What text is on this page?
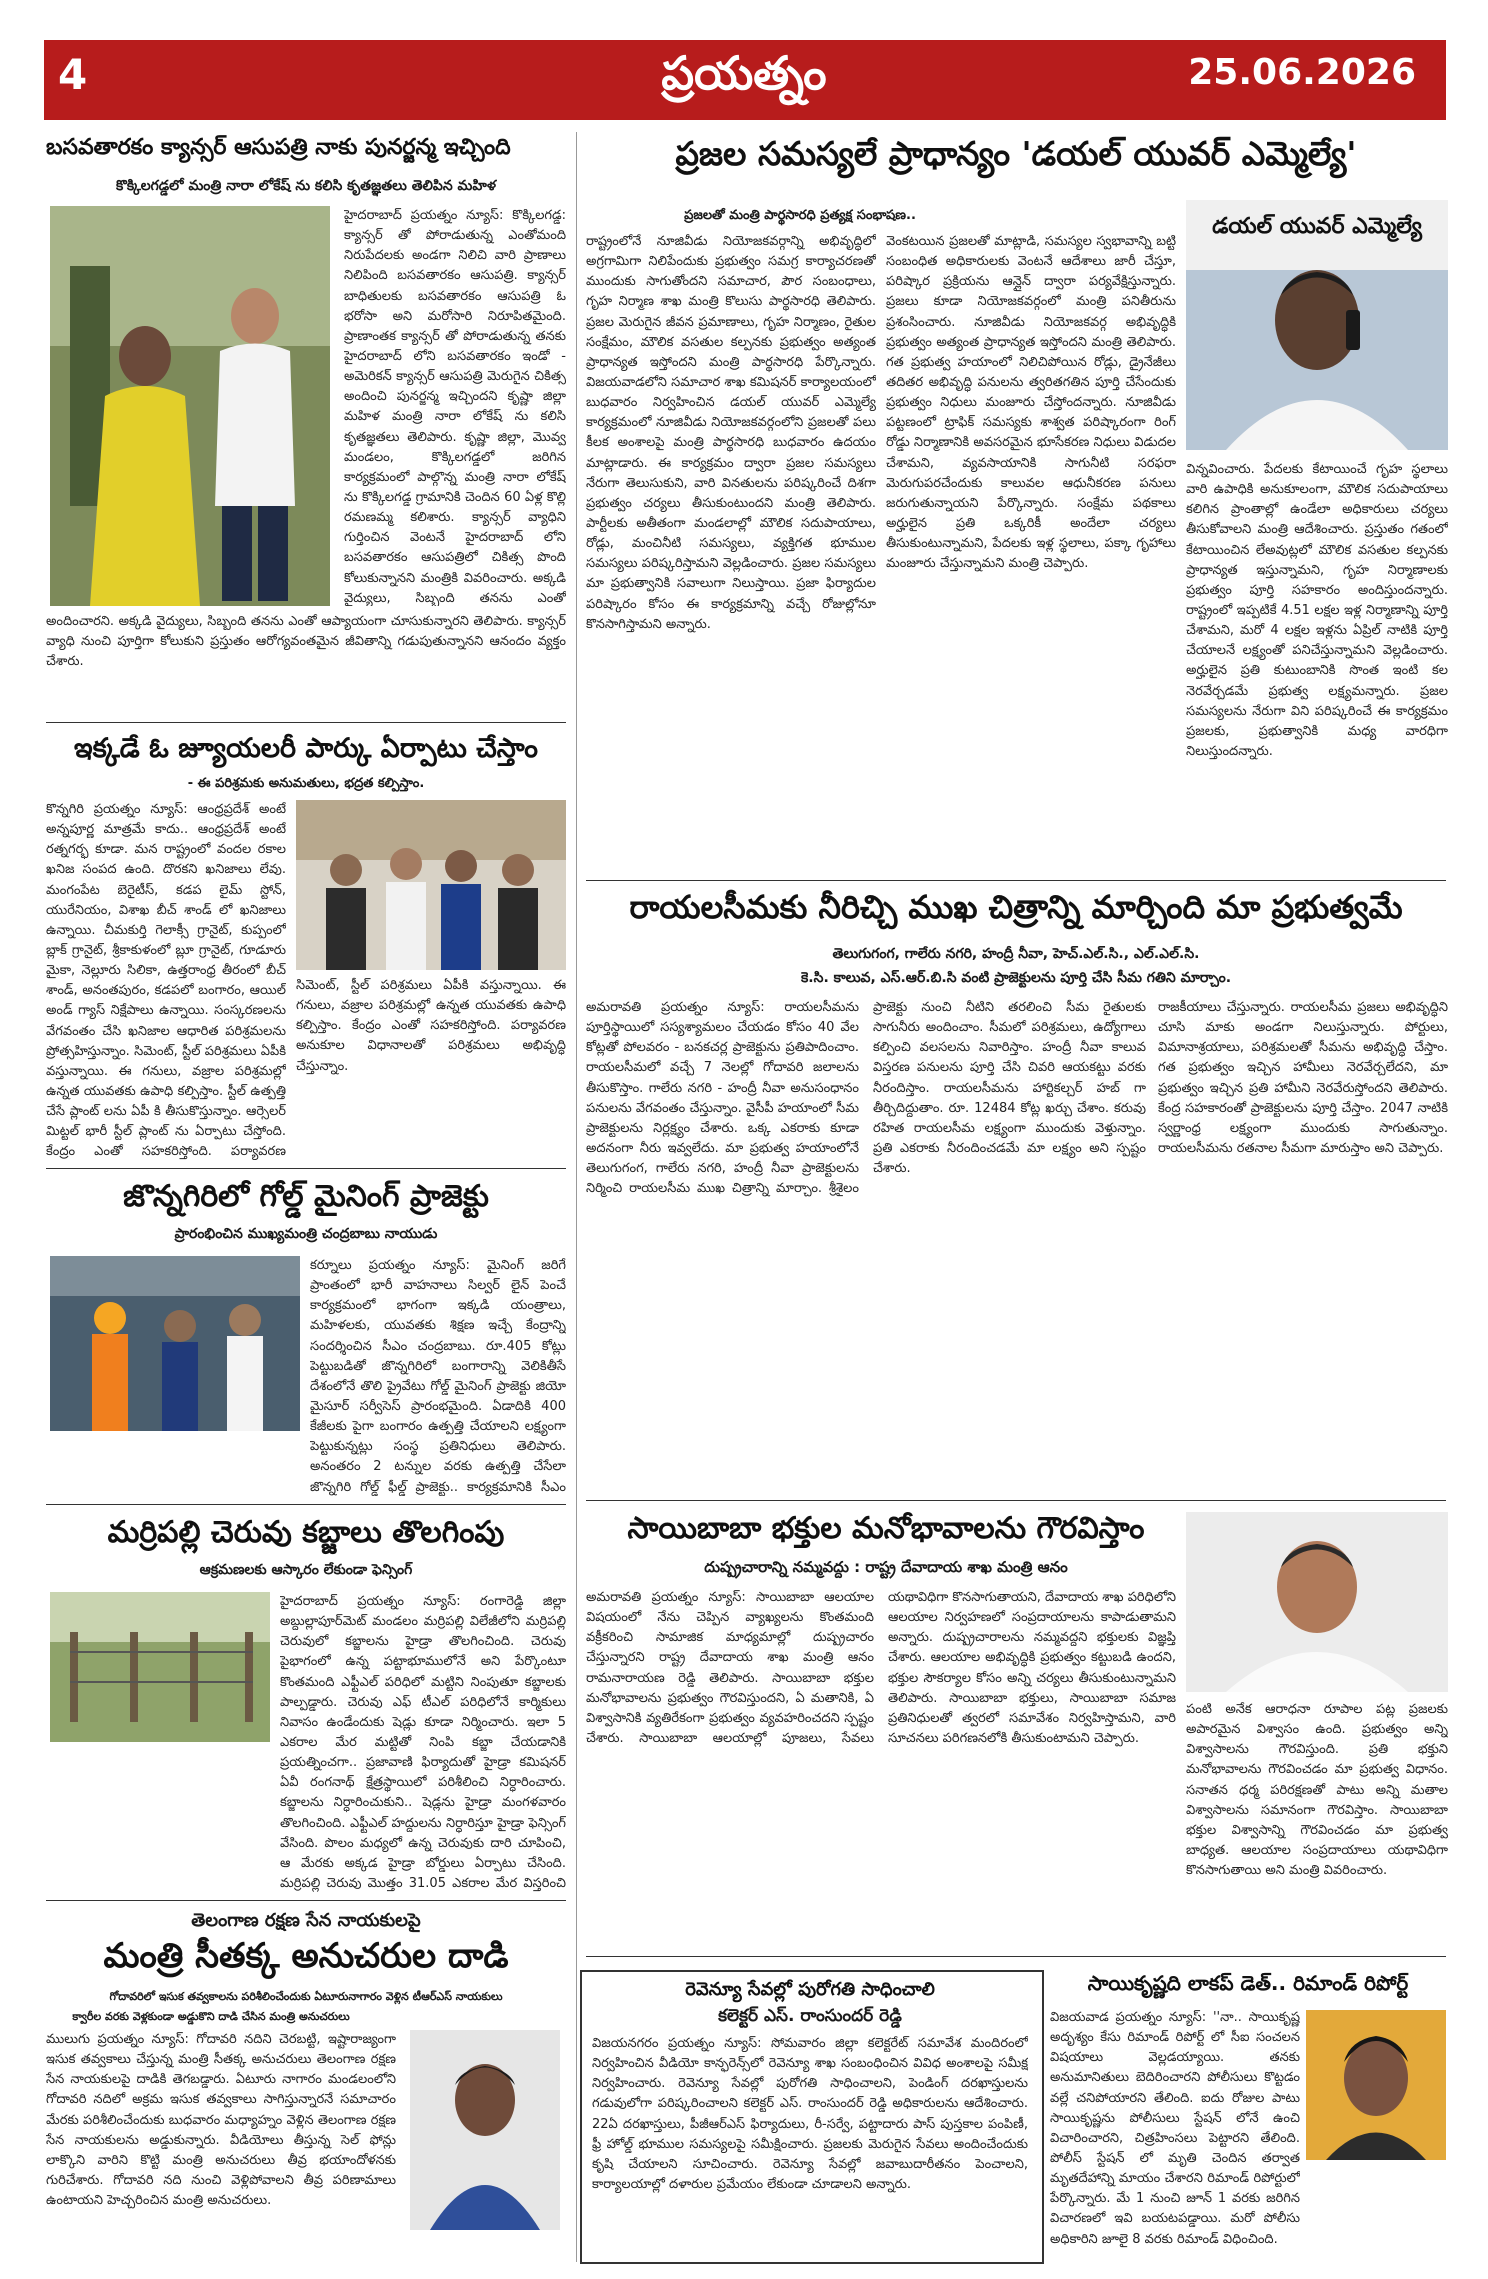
4	ప్రయత్నం	25.06.2026
బసవతారకం క్యాన్సర్ ఆసుపత్రి నాకు పునర్జన్మ ఇచ్చింది
కొక్కిలగడ్డలో మంత్రి నారా లోకేష్ ను కలిసి కృతజ్ఞతలు తెలిపిన మహిళ
హైదరాబాద్ ప్రయత్నం న్యూస్: కొక్కిలగడ్డ: క్యాన్సర్ తో పోరాడుతున్న ఎంతోమంది నిరుపేదలకు అండగా నిలిచి వారి ప్రాణాలు నిలిపింది బసవతారకం ఆసుపత్రి. క్యాన్సర్ బాధితులకు బసవతారకం ఆసుపత్రి ఓ భరోసా అని మరోసారి నిరూపితమైంది. ప్రాణాంతక క్యాన్సర్ తో పోరాడుతున్న తనకు హైదరాబాద్ లోని బసవతారకం ఇండో - అమెరికన్ క్యాన్సర్ ఆసుపత్రి మెరుగైన చికిత్స అందించి పునర్జన్మ ఇచ్చిందని కృష్ణా జిల్లా మహిళ మంత్రి నారా లోకేష్ ను కలిసి కృతజ్ఞతలు తెలిపారు. కృష్ణా జిల్లా, మొవ్వ మండలం, కొక్కిలగడ్డలో జరిగిన కార్యక్రమంలో పాల్గొన్న మంత్రి నారా లోకేష్ ను కొక్కిలగడ్డ గ్రామానికి చెందిన 60 ఏళ్ల కొల్లి రమణమ్మ కలిశారు. క్యాన్సర్ వ్యాధిని గుర్తించిన వెంటనే హైదరాబాద్ లోని బసవతారకం ఆసుపత్రిలో చికిత్స పొంది కోలుకున్నానని మంత్రికి వివరించారు. అక్కడి వైద్యులు, సిబ్బంది తనను ఎంతో
అందించారని. అక్కడి వైద్యులు, సిబ్బంది తనను ఎంతో ఆప్యాయంగా చూసుకున్నారని తెలిపారు. క్యాన్సర్ వ్యాధి నుంచి పూర్తిగా కోలుకుని ప్రస్తుతం ఆరోగ్యవంతమైన జీవితాన్ని గడుపుతున్నానని ఆనందం వ్యక్తం చేశారు.
ఇక్కడే ఓ జ్యూయలరీ పార్కు ఏర్పాటు చేస్తాం
- ఈ పరిశ్రమకు అనుమతులు, భద్రత కల్పిస్తాం.
కొన్నగిరి ప్రయత్నం న్యూస్: ఆంధ్రప్రదేశ్ అంటే అన్నపూర్ణ మాత్రమే కాదు.. ఆంధ్రప్రదేశ్ అంటే రత్నగర్భ కూడా. మన రాష్ట్రంలో వందల రకాల ఖనిజ సంపద ఉంది. దొరకని ఖనిజాలు లేవు. మంగంపేట బెరైటీస్, కడప లైమ్ స్టోన్, యురేనియం, విశాఖ బీచ్ శాండ్ లో ఖనిజాలు ఉన్నాయి. చీమకుర్తి గెలాక్సీ గ్రానైట్, కుప్పంలో బ్లాక్ గ్రానైట్, శ్రీకాకుళంలో బ్లూ గ్రానైట్, గూడూరు మైకా, నెల్లూరు సిలికా, ఉత్తరాంధ్ర తీరంలో బీచ్ శాండ్, అనంతపురం, కడపలో బంగారం, ఆయిల్ అండ్ గ్యాస్ నిక్షేపాలు ఉన్నాయి. సంస్కరణలను వేగవంతం చేసి ఖనిజాల ఆధారిత పరిశ్రమలను ప్రోత్సహిస్తున్నాం. సిమెంట్, స్టీల్ పరిశ్రమలు ఏపీకి వస్తున్నాయి. ఈ గనులు, వజ్రాల పరిశ్రమల్లో ఉన్నత యువతకు ఉపాధి కల్పిస్తాం. స్టీల్ ఉత్పత్తి చేసే ప్లాంట్ లను ఏపీ కి తీసుకొస్తున్నాం. ఆర్సెలర్ మిట్టల్ భారీ స్టీల్ ప్లాంట్ ను ఏర్పాటు చేస్తోంది. కేంద్రం ఎంతో సహకరిస్తోంది. పర్యావరణ
సిమెంట్, స్టీల్ పరిశ్రమలు ఏపీకి వస్తున్నాయి. ఈ గనులు, వజ్రాల పరిశ్రమల్లో ఉన్నత యువతకు ఉపాధి కల్పిస్తాం. కేంద్రం ఎంతో సహకరిస్తోంది. పర్యావరణ అనుకూల విధానాలతో పరిశ్రమలు అభివృద్ధి చేస్తున్నాం.
జొన్నగిరిలో గోల్డ్ మైనింగ్ ప్రాజెక్టు
ప్రారంభించిన ముఖ్యమంత్రి చంద్రబాబు నాయుడు
కర్నూలు ప్రయత్నం న్యూస్: మైనింగ్ జరిగే ప్రాంతంలో భారీ వాహనాలు సిల్వర్ లైన్ పెంచే కార్యక్రమంలో భాగంగా ఇక్కడి యంత్రాలు, మహిళలకు, యువతకు శిక్షణ ఇచ్చే కేంద్రాన్ని సందర్శించిన సీఎం చంద్రబాబు. రూ.405 కోట్లు పెట్టుబడితో జొన్నగిరిలో బంగారాన్ని వెలికితీసే దేశంలోనే తొలి ప్రైవేటు గోల్డ్ మైనింగ్ ప్రాజెక్టు జియో మైసూర్ సర్వీసెస్ ప్రారంభమైంది. ఏడాదికి 400 కేజీలకు పైగా బంగారం ఉత్పత్తి చేయాలని లక్ష్యంగా పెట్టుకున్నట్లు సంస్థ ప్రతినిధులు తెలిపారు. అనంతరం 2 టన్నుల వరకు ఉత్పత్తి చేసేలా జొన్నగిరి గోల్డ్ ఫీల్డ్ ప్రాజెక్టు.. కార్యక్రమానికి సీఎం
మర్రిపల్లి చెరువు కబ్జాలు తొలగింపు
ఆక్రమణలకు ఆస్కారం లేకుండా ఫెన్సింగ్
హైదరాబాద్ ప్రయత్నం న్యూస్: రంగారెడ్డి జిల్లా అబ్దుల్లాపూర్‌మెట్ మండలం మర్రిపల్లి విలేజీలోని మర్రిపల్లి చెరువులో కబ్జాలను హైడ్రా తొలగించింది. చెరువు పైభాగంలో ఉన్న పట్టాభూములోనే అని పేర్కొంటూ కొంతమంది ఎఫ్టీఎల్ పరిధిలో మట్టిని నింపుతూ కబ్జాలకు పాల్పడ్డారు. చెరువు ఎఫ్ టీఎల్ పరిధిలోనే కార్మికులు నివాసం ఉండేందుకు షెడ్లు కూడా నిర్మించారు. ఇలా 5 ఎకరాల మేర మట్టితో నింపి కబ్జా చేయడానికి ప్రయత్నించగా.. ప్రజావాణి ఫిర్యాదుతో హైడ్రా కమిషనర్ ఏవీ రంగనాథ్ క్షేత్రస్థాయిలో పరిశీలించి నిర్ధారించారు. కబ్జాలను నిర్ధారించుకుని.. షెడ్లను హైడ్రా మంగళవారం తొలగించింది. ఎఫ్టీఎల్ హద్దులను నిర్ధారిస్తూ హైడ్రా ఫెన్సింగ్ వేసింది. పొలం మధ్యలో ఉన్న చెరువుకు దారి చూపించి, ఆ మేరకు అక్కడ హైడ్రా బోర్డులు ఏర్పాటు చేసింది. మర్రిపల్లి చెరువు మొత్తం 31.05 ఎకరాల మేర విస్తరించి
తెలంగాణ రక్షణ సేన నాయకులపై
మంత్రి సీతక్క అనుచరుల దాడి
గోదావరిలో ఇసుక తవ్వకాలను పరిశీలించేందుకు ఏటూరునాగారం వెళ్లిన టీఆర్ఎస్ నాయకులు
క్వారీల వరకు వెళ్లకుండా అడ్డుకొని దాడి చేసిన మంత్రి అనుచరులు
ములుగు ప్రయత్నం న్యూస్: గోదావరి నదిని చెరబట్టి, ఇష్టారాజ్యంగా ఇసుక తవ్వకాలు చేస్తున్న మంత్రి సీతక్క అనుచరులు తెలంగాణ రక్షణ సేన నాయకులపై దాడికి తెగబడ్డారు. ఏటూరు నాగారం మండలంలోని గోదావరి నదిలో అక్రమ ఇసుక తవ్వకాలు సాగిస్తున్నారనే సమాచారం మేరకు పరిశీలించేందుకు బుధవారం మధ్యాహ్నం వెళ్లిన తెలంగాణ రక్షణ సేన నాయకులను అడ్డుకున్నారు. వీడియోలు తీస్తున్న సెల్ ఫోన్లు లాక్కొని వారిని కొట్టి మంత్రి అనుచరులు తీవ్ర భయాందోళనకు గురిచేశారు. గోదావరి నది నుంచి వెళ్లిపోవాలని తీవ్ర పరిణామాలు ఉంటాయని హెచ్చరించిన మంత్రి అనుచరులు.
ప్రజల సమస్యలే ప్రాధాన్యం 'డయల్ యువర్ ఎమ్మెల్యే'
ప్రజలతో మంత్రి పార్థసారధి ప్రత్యక్ష సంభాషణ..
రాష్ట్రంలోనే నూజివీడు నియోజకవర్గాన్ని అభివృద్ధిలో అగ్రగామిగా నిలిపేందుకు ప్రభుత్వం సమగ్ర కార్యాచరణతో ముందుకు సాగుతోందని సమాచార, పౌర సంబంధాలు, గృహ నిర్మాణ శాఖ మంత్రి కొలుసు పార్థసారధి తెలిపారు. ప్రజల మెరుగైన జీవన ప్రమాణాలు, గృహ నిర్మాణం, రైతుల సంక్షేమం, మౌలిక వసతుల కల్పనకు ప్రభుత్వం అత్యంత ప్రాధాన్యత ఇస్తోందని మంత్రి పార్థసారధి పేర్కొన్నారు. విజయవాడలోని సమాచార శాఖ కమిషనర్ కార్యాలయంలో బుధవారం నిర్వహించిన డయల్ యువర్ ఎమ్మెల్యే కార్యక్రమంలో నూజివీడు నియోజకవర్గంలోని ప్రజలతో పలు కీలక అంశాలపై మంత్రి పార్థసారధి బుధవారం ఉదయం మాట్లాడారు. ఈ కార్యక్రమం ద్వారా ప్రజల సమస్యలు నేరుగా తెలుసుకుని, వారి వినతులను పరిష్కరించే దిశగా ప్రభుత్వం చర్యలు తీసుకుంటుందని మంత్రి తెలిపారు. పార్టీలకు అతీతంగా మండలాల్లో మౌలిక సదుపాయాలు, రోడ్లు, మంచినీటి సమస్యలు, వ్యక్తిగత భూముల సమస్యలు పరిష్కరిస్తామని వెల్లడించారు. ప్రజల సమస్యలు మా ప్రభుత్వానికి సవాలుగా నిలుస్తాయి. ప్రజా ఫిర్యాదుల పరిష్కారం కోసం ఈ కార్యక్రమాన్ని వచ్చే రోజుల్లోనూ కొనసాగిస్తామని అన్నారు.
వెంకటయిన ప్రజలతో మాట్లాడి, సమస్యల స్వభావాన్ని బట్టి సంబంధిత అధికారులకు వెంటనే ఆదేశాలు జారీ చేస్తూ, పరిష్కార ప్రక్రియను ఆన్లైన్ ద్వారా పర్యవేక్షిస్తున్నారు. ప్రజలు కూడా నియోజకవర్గంలో మంత్రి పనితీరును ప్రశంసించారు. నూజివీడు నియోజకవర్గ అభివృద్ధికి ప్రభుత్వం అత్యంత ప్రాధాన్యత ఇస్తోందని మంత్రి తెలిపారు. గత ప్రభుత్వ హయాంలో నిలిచిపోయిన రోడ్లు, డ్రైనేజీలు తదితర అభివృద్ధి పనులను త్వరితగతిన పూర్తి చేసేందుకు ప్రభుత్వం నిధులు మంజూరు చేస్తోందన్నారు. నూజివీడు పట్టణంలో ట్రాఫిక్ సమస్యకు శాశ్వత పరిష్కారంగా రింగ్ రోడ్డు నిర్మాణానికి అవసరమైన భూసేకరణ నిధులు విడుదల చేశామని, వ్యవసాయానికి సాగునీటి సరఫరా మెరుగుపరచేందుకు కాలువల ఆధునీకరణ పనులు జరుగుతున్నాయని పేర్కొన్నారు. సంక్షేమ పథకాలు అర్హులైన ప్రతి ఒక్కరికీ అందేలా చర్యలు తీసుకుంటున్నామని, పేదలకు ఇళ్ల స్థలాలు, పక్కా గృహాలు మంజూరు చేస్తున్నామని మంత్రి చెప్పారు.
డయల్ యువర్ ఎమ్మెల్యే
విన్నవించారు. పేదలకు కేటాయించే గృహ స్థలాలు వారి ఉపాధికి అనుకూలంగా, మౌలిక సదుపాయాలు కలిగిన ప్రాంతాల్లో ఉండేలా అధికారులు చర్యలు తీసుకోవాలని మంత్రి ఆదేశించారు. ప్రస్తుతం గతంలో కేటాయించిన లేఅవుట్లలో మౌలిక వసతుల కల్పనకు ప్రాధాన్యత ఇస్తున్నామని, గృహ నిర్మాణాలకు ప్రభుత్వం పూర్తి సహకారం అందిస్తుందన్నారు. రాష్ట్రంలో ఇప్పటికే 4.51 లక్షల ఇళ్ల నిర్మాణాన్ని పూర్తి చేశామని, మరో 4 లక్షల ఇళ్లను ఏప్రిల్ నాటికి పూర్తి చేయాలనే లక్ష్యంతో పనిచేస్తున్నామని వెల్లడించారు. అర్హులైన ప్రతి కుటుంబానికి సొంత ఇంటి కల నెరవేర్చడమే ప్రభుత్వ లక్ష్యమన్నారు. ప్రజల సమస్యలను నేరుగా విని పరిష్కరించే ఈ కార్యక్రమం ప్రజలకు, ప్రభుత్వానికి మధ్య వారధిగా నిలుస్తుందన్నారు.
రాయలసీమకు నీరిచ్చి ముఖ చిత్రాన్ని మార్చింది మా ప్రభుత్వమే
తెలుగుగంగ, గాలేరు నగరి, హంద్రీ నీవా, హెచ్.ఎల్.సి., ఎల్.ఎల్.సి.
కె.సి. కాలువ, ఎస్.ఆర్.బి.సి వంటి ప్రాజెక్టులను పూర్తి చేసి సీమ గతిని మార్చాం.
అమరావతి ప్రయత్నం న్యూస్: రాయలసీమను పూర్తిస్థాయిలో సస్యశ్యామలం చేయడం కోసం 40 వేల కోట్లతో పోలవరం - బనకచర్ల ప్రాజెక్టును ప్రతిపాదించాం. రాయలసీమలో వచ్చే 7 నెలల్లో గోదావరి జలాలను తీసుకొస్తాం. గాలేరు నగరి - హంద్రీ నీవా అనుసంధానం పనులను వేగవంతం చేస్తున్నాం. వైసీపీ హయాంలో సీమ ప్రాజెక్టులను నిర్లక్ష్యం చేశారు. ఒక్క ఎకరాకు కూడా అదనంగా నీరు ఇవ్వలేదు. మా ప్రభుత్వ హయాంలోనే తెలుగుగంగ, గాలేరు నగరి, హంద్రీ నీవా ప్రాజెక్టులను నిర్మించి రాయలసీమ ముఖ చిత్రాన్ని మార్చాం. శ్రీశైలం ప్రాజెక్టు నుంచి నీటిని తరలించి సీమ రైతులకు సాగునీరు అందించాం. సీమలో పరిశ్రమలు, ఉద్యోగాలు కల్పించి వలసలను నివారిస్తాం. హంద్రీ నీవా కాలువ విస్తరణ పనులను పూర్తి చేసి చివరి ఆయకట్టు వరకు నీరందిస్తాం. రాయలసీమను హార్టికల్చర్ హబ్ గా తీర్చిదిద్దుతాం. రూ. 12484 కోట్ల ఖర్చు చేశాం. కరువు రహిత రాయలసీమ లక్ష్యంగా ముందుకు వెళ్తున్నాం. ప్రతి ఎకరాకు నీరందించడమే మా లక్ష్యం అని స్పష్టం చేశారు.
రాజకీయాలు చేస్తున్నారు. రాయలసీమ ప్రజలు అభివృద్ధిని చూసి మాకు అండగా నిలుస్తున్నారు. పోర్టులు, విమానాశ్రయాలు, పరిశ్రమలతో సీమను అభివృద్ధి చేస్తాం. గత ప్రభుత్వం ఇచ్చిన హామీలు నెరవేర్చలేదని, మా ప్రభుత్వం ఇచ్చిన ప్రతి హామీని నెరవేరుస్తోందని తెలిపారు. కేంద్ర సహకారంతో ప్రాజెక్టులను పూర్తి చేస్తాం. 2047 నాటికి స్వర్ణాంధ్ర లక్ష్యంగా ముందుకు సాగుతున్నాం. రాయలసీమను రతనాల సీమగా మారుస్తాం అని చెప్పారు.
సాయిబాబా భక్తుల మనోభావాలను గౌరవిస్తాం
దుష్ప్రచారాన్ని నమ్మవద్దు : రాష్ట్ర దేవాదాయ శాఖ మంత్రి ఆనం
అమరావతి ప్రయత్నం న్యూస్: సాయిబాబా ఆలయాల విషయంలో నేను చెప్పిన వ్యాఖ్యలను కొంతమంది వక్రీకరించి సామాజిక మాధ్యమాల్లో దుష్ప్రచారం చేస్తున్నారని రాష్ట్ర దేవాదాయ శాఖ మంత్రి ఆనం రామనారాయణ రెడ్డి తెలిపారు. సాయిబాబా భక్తుల మనోభావాలను ప్రభుత్వం గౌరవిస్తుందని, ఏ మతానికి, ఏ విశ్వాసానికి వ్యతిరేకంగా ప్రభుత్వం వ్యవహరించదని స్పష్టం చేశారు. సాయిబాబా ఆలయాల్లో పూజలు, సేవలు యథావిధిగా కొనసాగుతాయని, దేవాదాయ శాఖ పరిధిలోని ఆలయాల నిర్వహణలో సంప్రదాయాలను కాపాడుతామని అన్నారు. దుష్ప్రచారాలను నమ్మవద్దని భక్తులకు విజ్ఞప్తి చేశారు. ఆలయాల అభివృద్ధికి ప్రభుత్వం కట్టుబడి ఉందని, భక్తుల సౌకర్యాల కోసం అన్ని చర్యలు తీసుకుంటున్నామని తెలిపారు. సాయిబాబా భక్తులు, సాయిబాబా సమాజ ప్రతినిధులతో త్వరలో సమావేశం నిర్వహిస్తామని, వారి సూచనలు పరిగణనలోకి తీసుకుంటామని చెప్పారు.
పంటి అనేక ఆరాధనా రూపాల పట్ల ప్రజలకు అపారమైన విశ్వాసం ఉంది. ప్రభుత్వం అన్ని విశ్వాసాలను గౌరవిస్తుంది. ప్రతి భక్తుని మనోభావాలను గౌరవించడం మా ప్రభుత్వ విధానం. సనాతన ధర్మ పరిరక్షణతో పాటు అన్ని మతాల విశ్వాసాలను సమానంగా గౌరవిస్తాం. సాయిబాబా భక్తుల విశ్వాసాన్ని గౌరవించడం మా ప్రభుత్వ బాధ్యత. ఆలయాల సంప్రదాయాలు యథావిధిగా కొనసాగుతాయి అని మంత్రి వివరించారు.
రెవెన్యూ సేవల్లో పురోగతి సాధించాలి
కలెక్టర్ ఎస్. రాంసుందర్ రెడ్డి
విజయనగరం ప్రయత్నం న్యూస్: సోమవారం జిల్లా కలెక్టరేట్ సమావేశ మందిరంలో నిర్వహించిన వీడియో కాన్ఫరెన్స్‌లో రెవెన్యూ శాఖ సంబంధించిన వివిధ అంశాలపై సమీక్ష నిర్వహించారు. రెవెన్యూ సేవల్లో పురోగతి సాధించాలని, పెండింగ్ దరఖాస్తులను గడువులోగా పరిష్కరించాలని కలెక్టర్ ఎస్. రాంసుందర్ రెడ్డి అధికారులను ఆదేశించారు. 22ఏ దరఖాస్తులు, పీజీఆర్ఎస్ ఫిర్యాదులు, రీ-సర్వే, పట్టాదారు పాస్ పుస్తకాల పంపిణీ, ఫ్రీ హోల్డ్ భూముల సమస్యలపై సమీక్షించారు. ప్రజలకు మెరుగైన సేవలు అందించేందుకు కృషి చేయాలని సూచించారు. రెవెన్యూ సేవల్లో జవాబుదారీతనం పెంచాలని, కార్యాలయాల్లో దళారుల ప్రమేయం లేకుండా చూడాలని అన్నారు.
సాయికృష్ణది లాకప్ డెత్.. రిమాండ్ రిపోర్ట్
విజయవాడ ప్రయత్నం న్యూస్: ''నా.. సాయికృష్ణ అదృశ్యం కేసు రిమాండ్ రిపోర్ట్ లో సీఐ సంచలన విషయాలు వెల్లడయ్యాయి. తనకు అనుమానితులు బెదిరించారని పోలీసులు కొట్టడం వల్లే చనిపోయారని తేలింది. ఐదు రోజుల పాటు సాయికృష్ణను పోలీసులు స్టేషన్ లోనే ఉంచి విచారించారని, చిత్రహింసలు పెట్టారని తేలింది. పోలీస్ స్టేషన్ లో మృతి చెందిన తర్వాత మృతదేహాన్ని మాయం చేశారని రిమాండ్ రిపోర్టులో పేర్కొన్నారు. మే 1 నుంచి జూన్ 1 వరకు జరిగిన విచారణలో ఇవి బయటపడ్డాయి. మరో పోలీసు అధికారిని జూలై 8 వరకు రిమాండ్ విధించింది.
